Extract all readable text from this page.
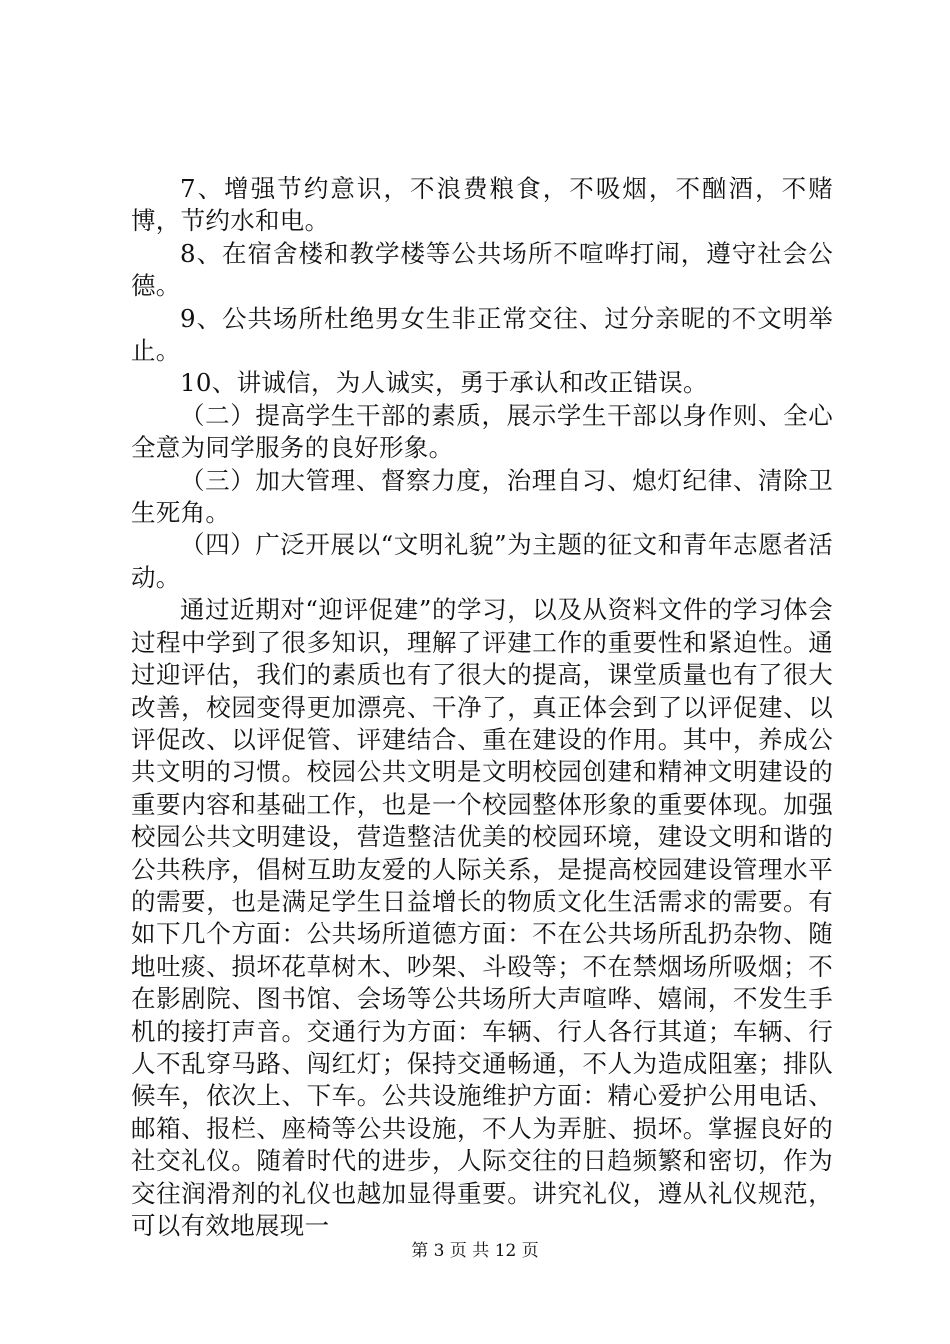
7、增强节约意识，不浪费粮食，不吸烟，不酗酒，不赌博，节约水和电。

8、在宿舍楼和教学楼等公共场所不喧哗打闹，遵守社会公德。

9、公共场所杜绝男女生非正常交往、过分亲昵的不文明举止。

10、讲诚信，为人诚实，勇于承认和改正错误。

（二）提高学生干部的素质，展示学生干部以身作则、全心全意为同学服务的良好形象。

（三）加大管理、督察力度，治理自习、熄灯纪律、清除卫生死角。

（四）广泛开展以“文明礼貌”为主题的征文和青年志愿者活动。

通过近期对“迎评促建”的学习，以及从资料文件的学习体会过程中学到了很多知识，理解了评建工作的重要性和紧迫性。通过迎评估，我们的素质也有了很大的提高，课堂质量也有了很大改善，校园变得更加漂亮、干净了，真正体会到了以评促建、以评促改、以评促管、评建结合、重在建设的作用。其中，养成公共文明的习惯。校园公共文明是文明校园创建和精神文明建设的重要内容和基础工作，也是一个校园整体形象的重要体现。加强校园公共文明建设，营造整洁优美的校园环境，建设文明和谐的公共秩序，倡树互助友爱的人际关系，是提高校园建设管理水平的需要，也是满足学生日益增长的物质文化生活需求的需要。有如下几个方面：公共场所道德方面：不在公共场所乱扔杂物、随地吐痰、损坏花草树木、吵架、斗殴等；不在禁烟场所吸烟；不在影剧院、图书馆、会场等公共场所大声喧哗、嬉闹，不发生手机的接打声音。交通行为方面：车辆、行人各行其道；车辆、行人不乱穿马路、闯红灯；保持交通畅通，不人为造成阻塞；排队候车，依次上、下车。公共设施维护方面：精心爱护公用电话、邮箱、报栏、座椅等公共设施，不人为弄脏、损坏。掌握良好的社交礼仪。随着时代的进步，人际交往的日趋频繁和密切，作为交往润滑剂的礼仪也越加显得重要。讲究礼仪，遵从礼仪规范，可以有效地展现一

第 3 页 共 12 页
